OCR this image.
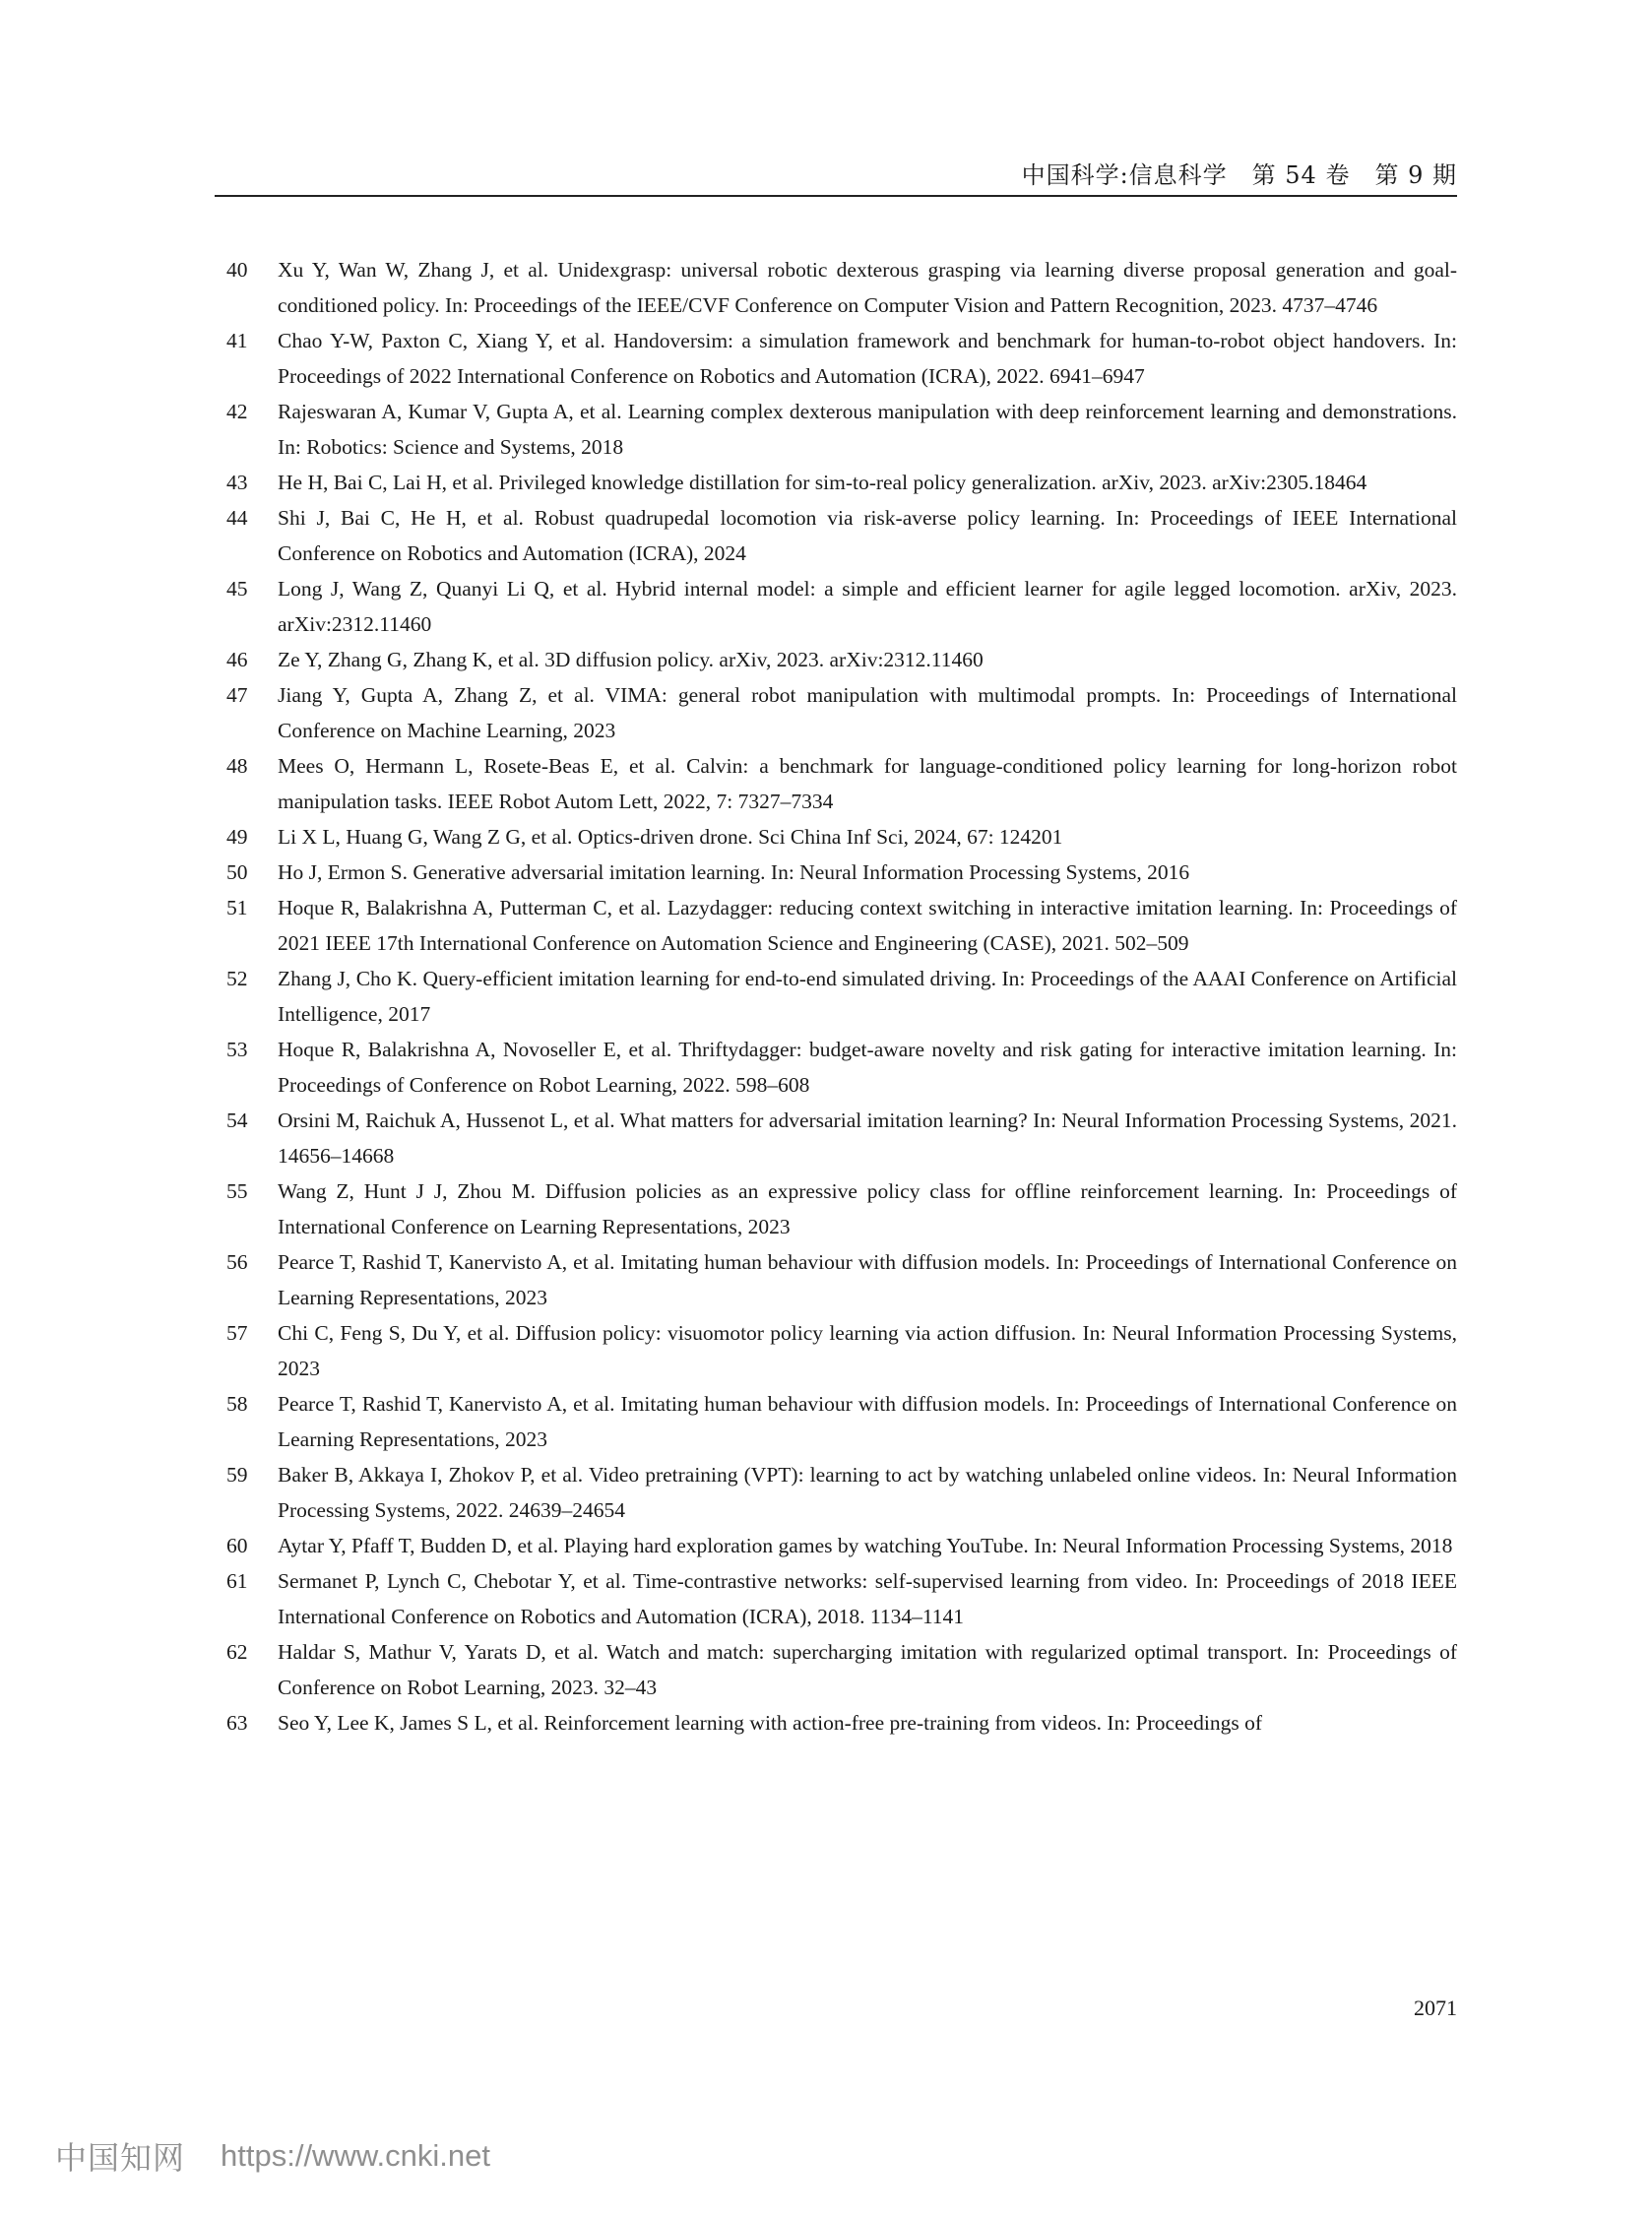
中国科学:信息科学　第 54 卷　第 9 期
40	Xu Y, Wan W, Zhang J, et al. Unidexgrasp: universal robotic dexterous grasping via learning diverse proposal generation and goal-conditioned policy. In: Proceedings of the IEEE/CVF Conference on Computer Vision and Pattern Recognition, 2023. 4737–4746
41	Chao Y-W, Paxton C, Xiang Y, et al. Handoversim: a simulation framework and benchmark for human-to-robot object handovers. In: Proceedings of 2022 International Conference on Robotics and Automation (ICRA), 2022. 6941–6947
42	Rajeswaran A, Kumar V, Gupta A, et al. Learning complex dexterous manipulation with deep reinforcement learning and demonstrations. In: Robotics: Science and Systems, 2018
43	He H, Bai C, Lai H, et al. Privileged knowledge distillation for sim-to-real policy generalization. arXiv, 2023. arXiv:2305.18464
44	Shi J, Bai C, He H, et al. Robust quadrupedal locomotion via risk-averse policy learning. In: Proceedings of IEEE International Conference on Robotics and Automation (ICRA), 2024
45	Long J, Wang Z, Quanyi Li Q, et al. Hybrid internal model: a simple and efficient learner for agile legged locomotion. arXiv, 2023. arXiv:2312.11460
46	Ze Y, Zhang G, Zhang K, et al. 3D diffusion policy. arXiv, 2023. arXiv:2312.11460
47	Jiang Y, Gupta A, Zhang Z, et al. VIMA: general robot manipulation with multimodal prompts. In: Proceedings of International Conference on Machine Learning, 2023
48	Mees O, Hermann L, Rosete-Beas E, et al. Calvin: a benchmark for language-conditioned policy learning for long-horizon robot manipulation tasks. IEEE Robot Autom Lett, 2022, 7: 7327–7334
49	Li X L, Huang G, Wang Z G, et al. Optics-driven drone. Sci China Inf Sci, 2024, 67: 124201
50	Ho J, Ermon S. Generative adversarial imitation learning. In: Neural Information Processing Systems, 2016
51	Hoque R, Balakrishna A, Putterman C, et al. Lazydagger: reducing context switching in interactive imitation learning. In: Proceedings of 2021 IEEE 17th International Conference on Automation Science and Engineering (CASE), 2021. 502–509
52	Zhang J, Cho K. Query-efficient imitation learning for end-to-end simulated driving. In: Proceedings of the AAAI Conference on Artificial Intelligence, 2017
53	Hoque R, Balakrishna A, Novoseller E, et al. Thriftydagger: budget-aware novelty and risk gating for interactive imitation learning. In: Proceedings of Conference on Robot Learning, 2022. 598–608
54	Orsini M, Raichuk A, Hussenot L, et al. What matters for adversarial imitation learning? In: Neural Information Processing Systems, 2021. 14656–14668
55	Wang Z, Hunt J J, Zhou M. Diffusion policies as an expressive policy class for offline reinforcement learning. In: Proceedings of International Conference on Learning Representations, 2023
56	Pearce T, Rashid T, Kanervisto A, et al. Imitating human behaviour with diffusion models. In: Proceedings of International Conference on Learning Representations, 2023
57	Chi C, Feng S, Du Y, et al. Diffusion policy: visuomotor policy learning via action diffusion. In: Neural Information Processing Systems, 2023
58	Pearce T, Rashid T, Kanervisto A, et al. Imitating human behaviour with diffusion models. In: Proceedings of International Conference on Learning Representations, 2023
59	Baker B, Akkaya I, Zhokov P, et al. Video pretraining (VPT): learning to act by watching unlabeled online videos. In: Neural Information Processing Systems, 2022. 24639–24654
60	Aytar Y, Pfaff T, Budden D, et al. Playing hard exploration games by watching YouTube. In: Neural Information Processing Systems, 2018
61	Sermanet P, Lynch C, Chebotar Y, et al. Time-contrastive networks: self-supervised learning from video. In: Proceedings of 2018 IEEE International Conference on Robotics and Automation (ICRA), 2018. 1134–1141
62	Haldar S, Mathur V, Yarats D, et al. Watch and match: supercharging imitation with regularized optimal transport. In: Proceedings of Conference on Robot Learning, 2023. 32–43
63	Seo Y, Lee K, James S L, et al. Reinforcement learning with action-free pre-training from videos. In: Proceedings of
2071
中国知网 https://www.cnki.net
